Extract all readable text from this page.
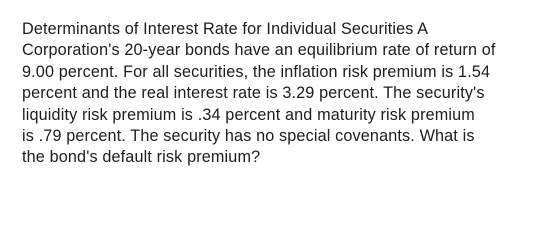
Determinants of Interest Rate for Individual Securities A
Corporation's 20-year bonds have an equilibrium rate of return of
9.00 percent. For all securities, the inflation risk premium is 1.54
percent and the real interest rate is 3.29 percent. The security's
liquidity risk premium is .34 percent and maturity risk premium
is .79 percent. The security has no special covenants. What is
the bond's default risk premium?
